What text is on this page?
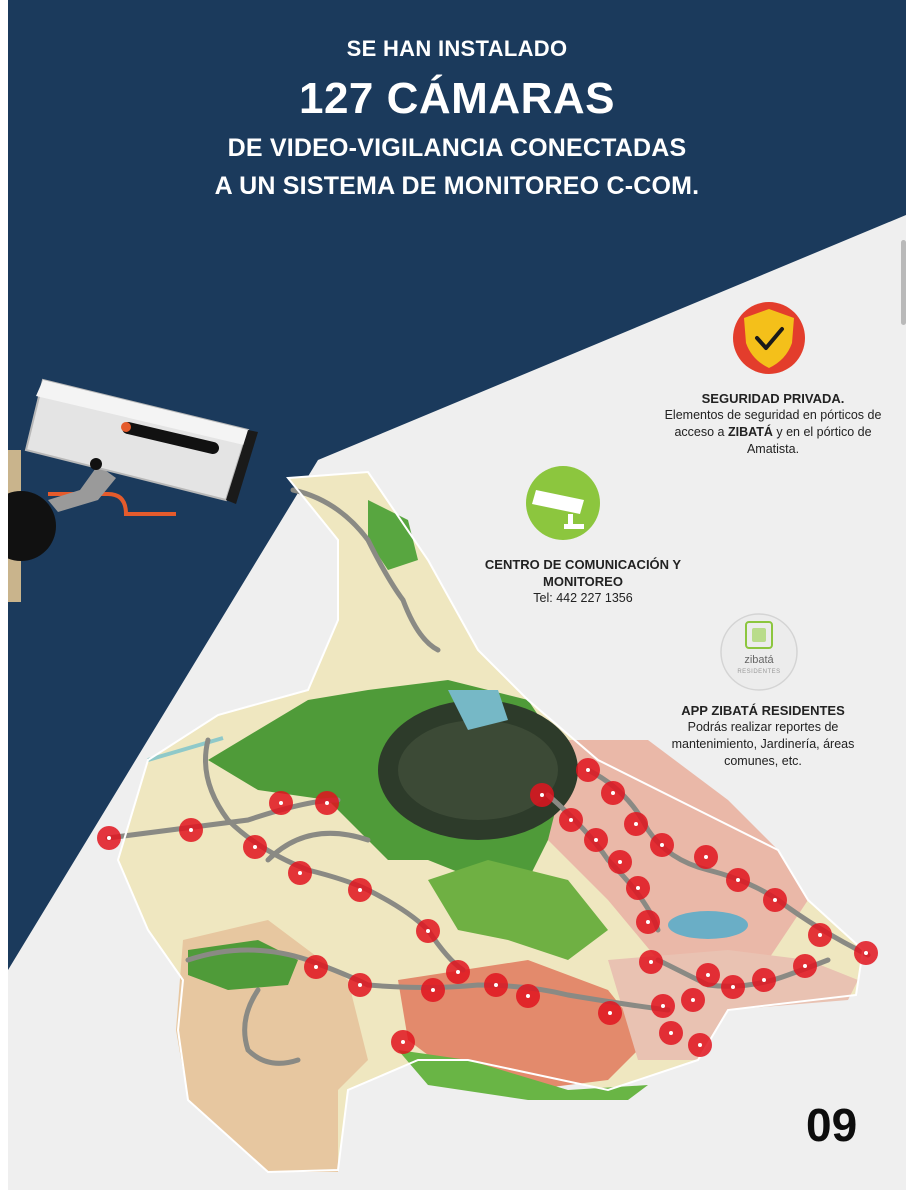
zibatá
RESIDENTES
SE HAN INSTALADO
127 CÁMARAS
DE VIDEO-VIGILANCIA CONECTADAS
A UN SISTEMA DE MONITOREO C-COM.
SEGURIDAD PRIVADA.
Elementos de seguridad en pórticos de acceso a ZIBATÁ y en el pórtico de Amatista.
CENTRO DE COMUNICACIÓN Y MONITOREO
Tel: 442 227 1356
APP ZIBATÁ RESIDENTES
Podrás realizar reportes de mantenimiento, Jardinería, áreas comunes, etc.
09
